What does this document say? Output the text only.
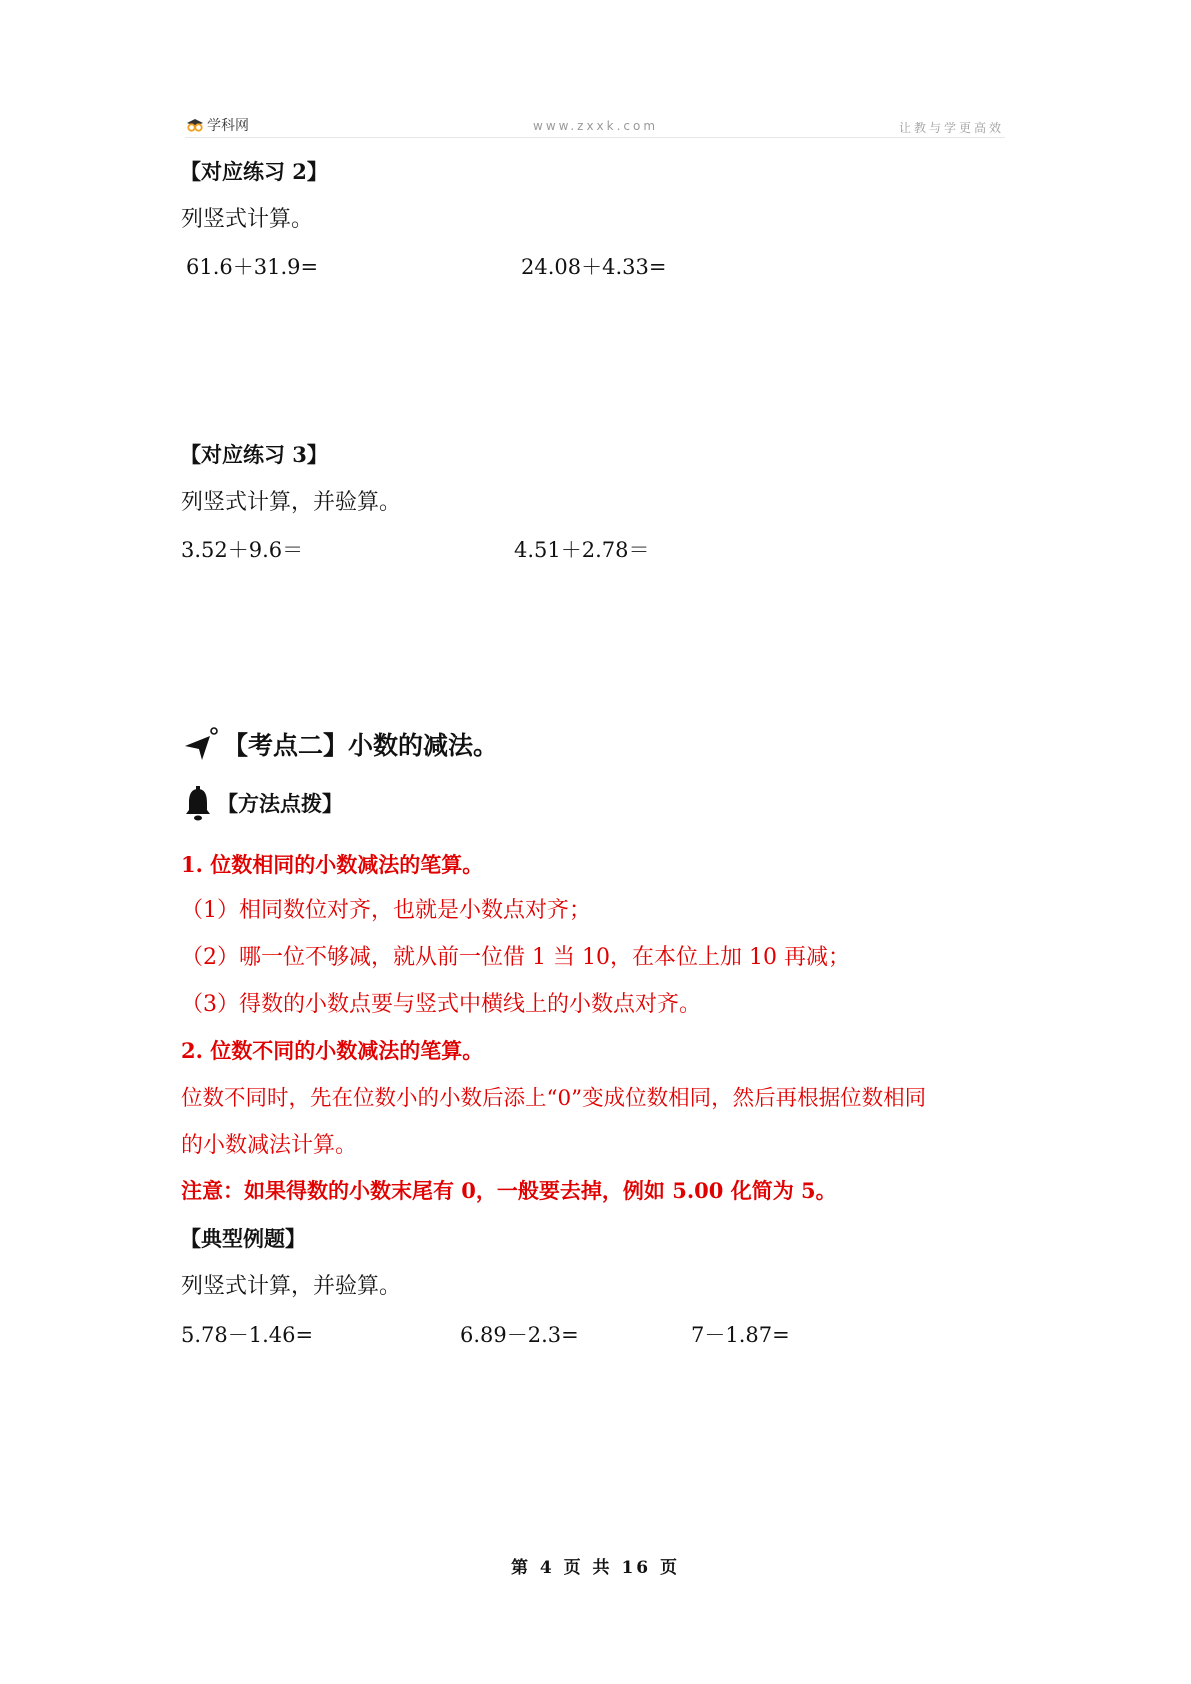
学科网	www.zxxk.com	让教与学更高效
【对应练习 2】
列竖式计算。
61.6＋31.9=	24.08＋4.33=
【对应练习 3】
列竖式计算，并验算。
3.52＋9.6＝	4.51＋2.78＝
【考点二】小数的减法。
【方法点拨】
1. 位数相同的小数减法的笔算。
（1）相同数位对齐，也就是小数点对齐；
（2）哪一位不够减，就从前一位借 1 当 10，在本位上加 10 再减；
（3）得数的小数点要与竖式中横线上的小数点对齐。
2. 位数不同的小数减法的笔算。
位数不同时，先在位数小的小数后添上“0”变成位数相同，然后再根据位数相同
的小数减法计算。
注意：如果得数的小数末尾有 0，一般要去掉，例如 5.00 化简为 5。
【典型例题】
列竖式计算，并验算。
5.78－1.46=	6.89－2.3=	7－1.87=
第 4 页 共 16 页
